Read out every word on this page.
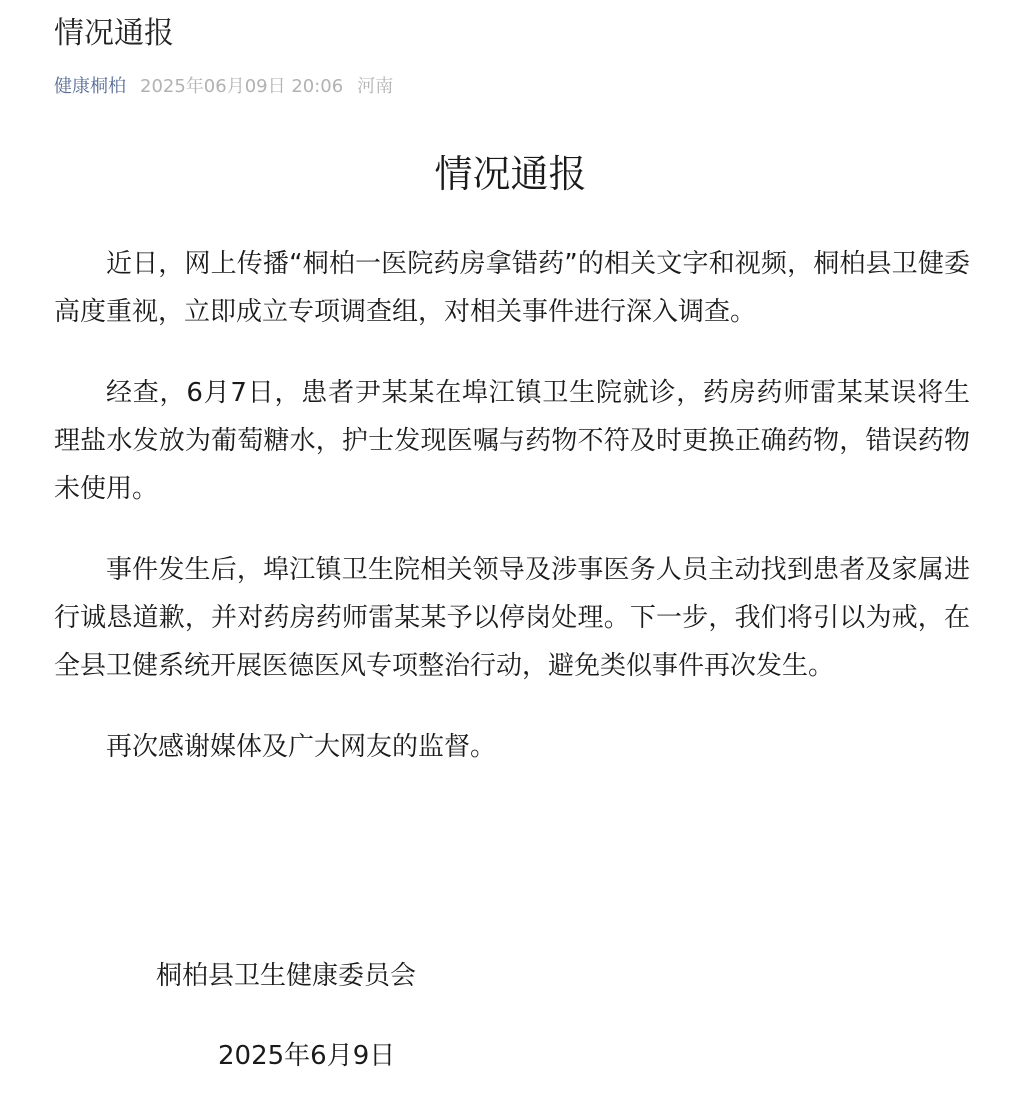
情况通报
健康桐柏 2025年06月09日 20:06 河南
情况通报

近日，网上传播“桐柏一医院药房拿错药”的相关文字和视频，桐柏县卫健委高度重视，立即成立专项调查组，对相关事件进行深入调查。

经查，6月7日，患者尹某某在埠江镇卫生院就诊，药房药师雷某某误将生理盐水发放为葡萄糖水，护士发现医嘱与药物不符及时更换正确药物，错误药物未使用。

事件发生后，埠江镇卫生院相关领导及涉事医务人员主动找到患者及家属进行诚恳道歉，并对药房药师雷某某予以停岗处理。下一步，我们将引以为戒，在全县卫健系统开展医德医风专项整治行动，避免类似事件再次发生。

再次感谢媒体及广大网友的监督。

桐柏县卫生健康委员会
2025年6月9日
